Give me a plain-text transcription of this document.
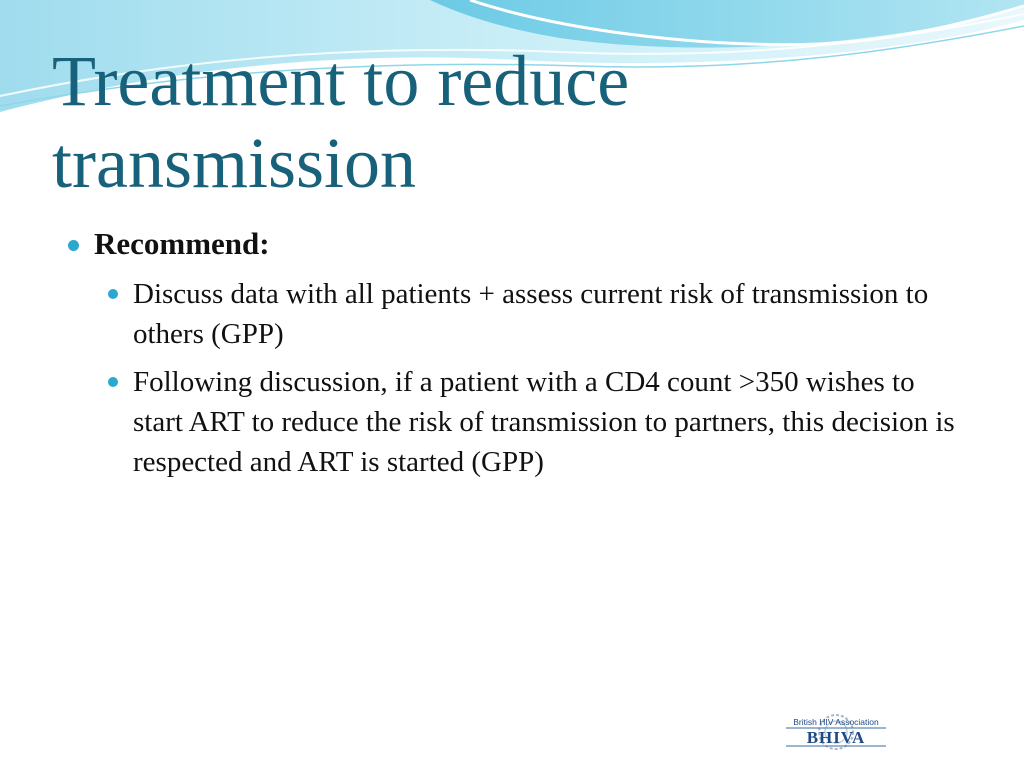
Treatment to reduce
transmission
Recommend:
Discuss data with all patients + assess current risk of transmission to others (GPP)
Following discussion, if a patient with a CD4 count >350 wishes to start ART to reduce the risk of transmission to partners, this decision is respected and ART is started (GPP)
British HIV Association
BHIVA
